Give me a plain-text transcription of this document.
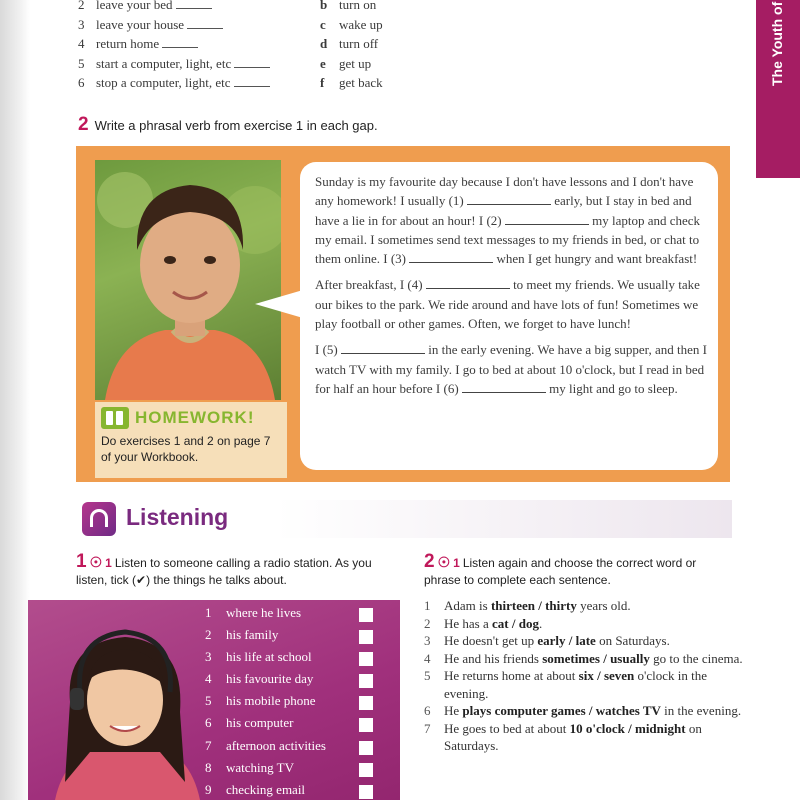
The Youth of
2 leave your bed	b turn on
3 leave your house	c wake up
4 return home	d turn off
5 start a computer, light, etc	e get up
6 stop a computer, light, etc	f get back
2 Write a phrasal verb from exercise 1 in each gap.

Sunday is my favourite day because I don't have lessons and I don't have any homework! I usually (1)	early, but I stay in bed and have a lie in for about an hour! I (2)	my laptop and check my email. I sometimes send text messages to my friends in bed, or chat to them online. I (3)	when I get hungry and want breakfast!

After breakfast, I (4)	to meet my friends. We usually take our bikes to the park. We ride around and have lots of fun! Sometimes we play football or other games. Often, we forget to have lunch!

I (5)	in the early evening. We have a big supper, and then I watch TV with my family. I go to bed at about 10 o'clock, but I read in bed for half an hour before I (6)	my light and go to sleep.

HOMEWORK!
Do exercises 1 and 2 on page 7 of your Workbook.
Listening
1 ☉ 1 Listen to someone calling a radio station. As you listen, tick (✔) the things he talks about.
2 ☉ 1 Listen again and choose the correct word or phrase to complete each sentence.
1 where he lives
2 his family
3 his life at school
4 his favourite day
5 his mobile phone
6 his computer
7 afternoon activities
8 watching TV
9 checking email
1 Adam is thirteen / thirty years old.
2 He has a cat / dog.
3 He doesn't get up early / late on Saturdays.
4 He and his friends sometimes / usually go to the cinema.
5 He returns home at about six / seven o'clock in the evening.
6 He plays computer games / watches TV in the evening.
7 He goes to bed at about 10 o'clock / midnight on Saturdays.
